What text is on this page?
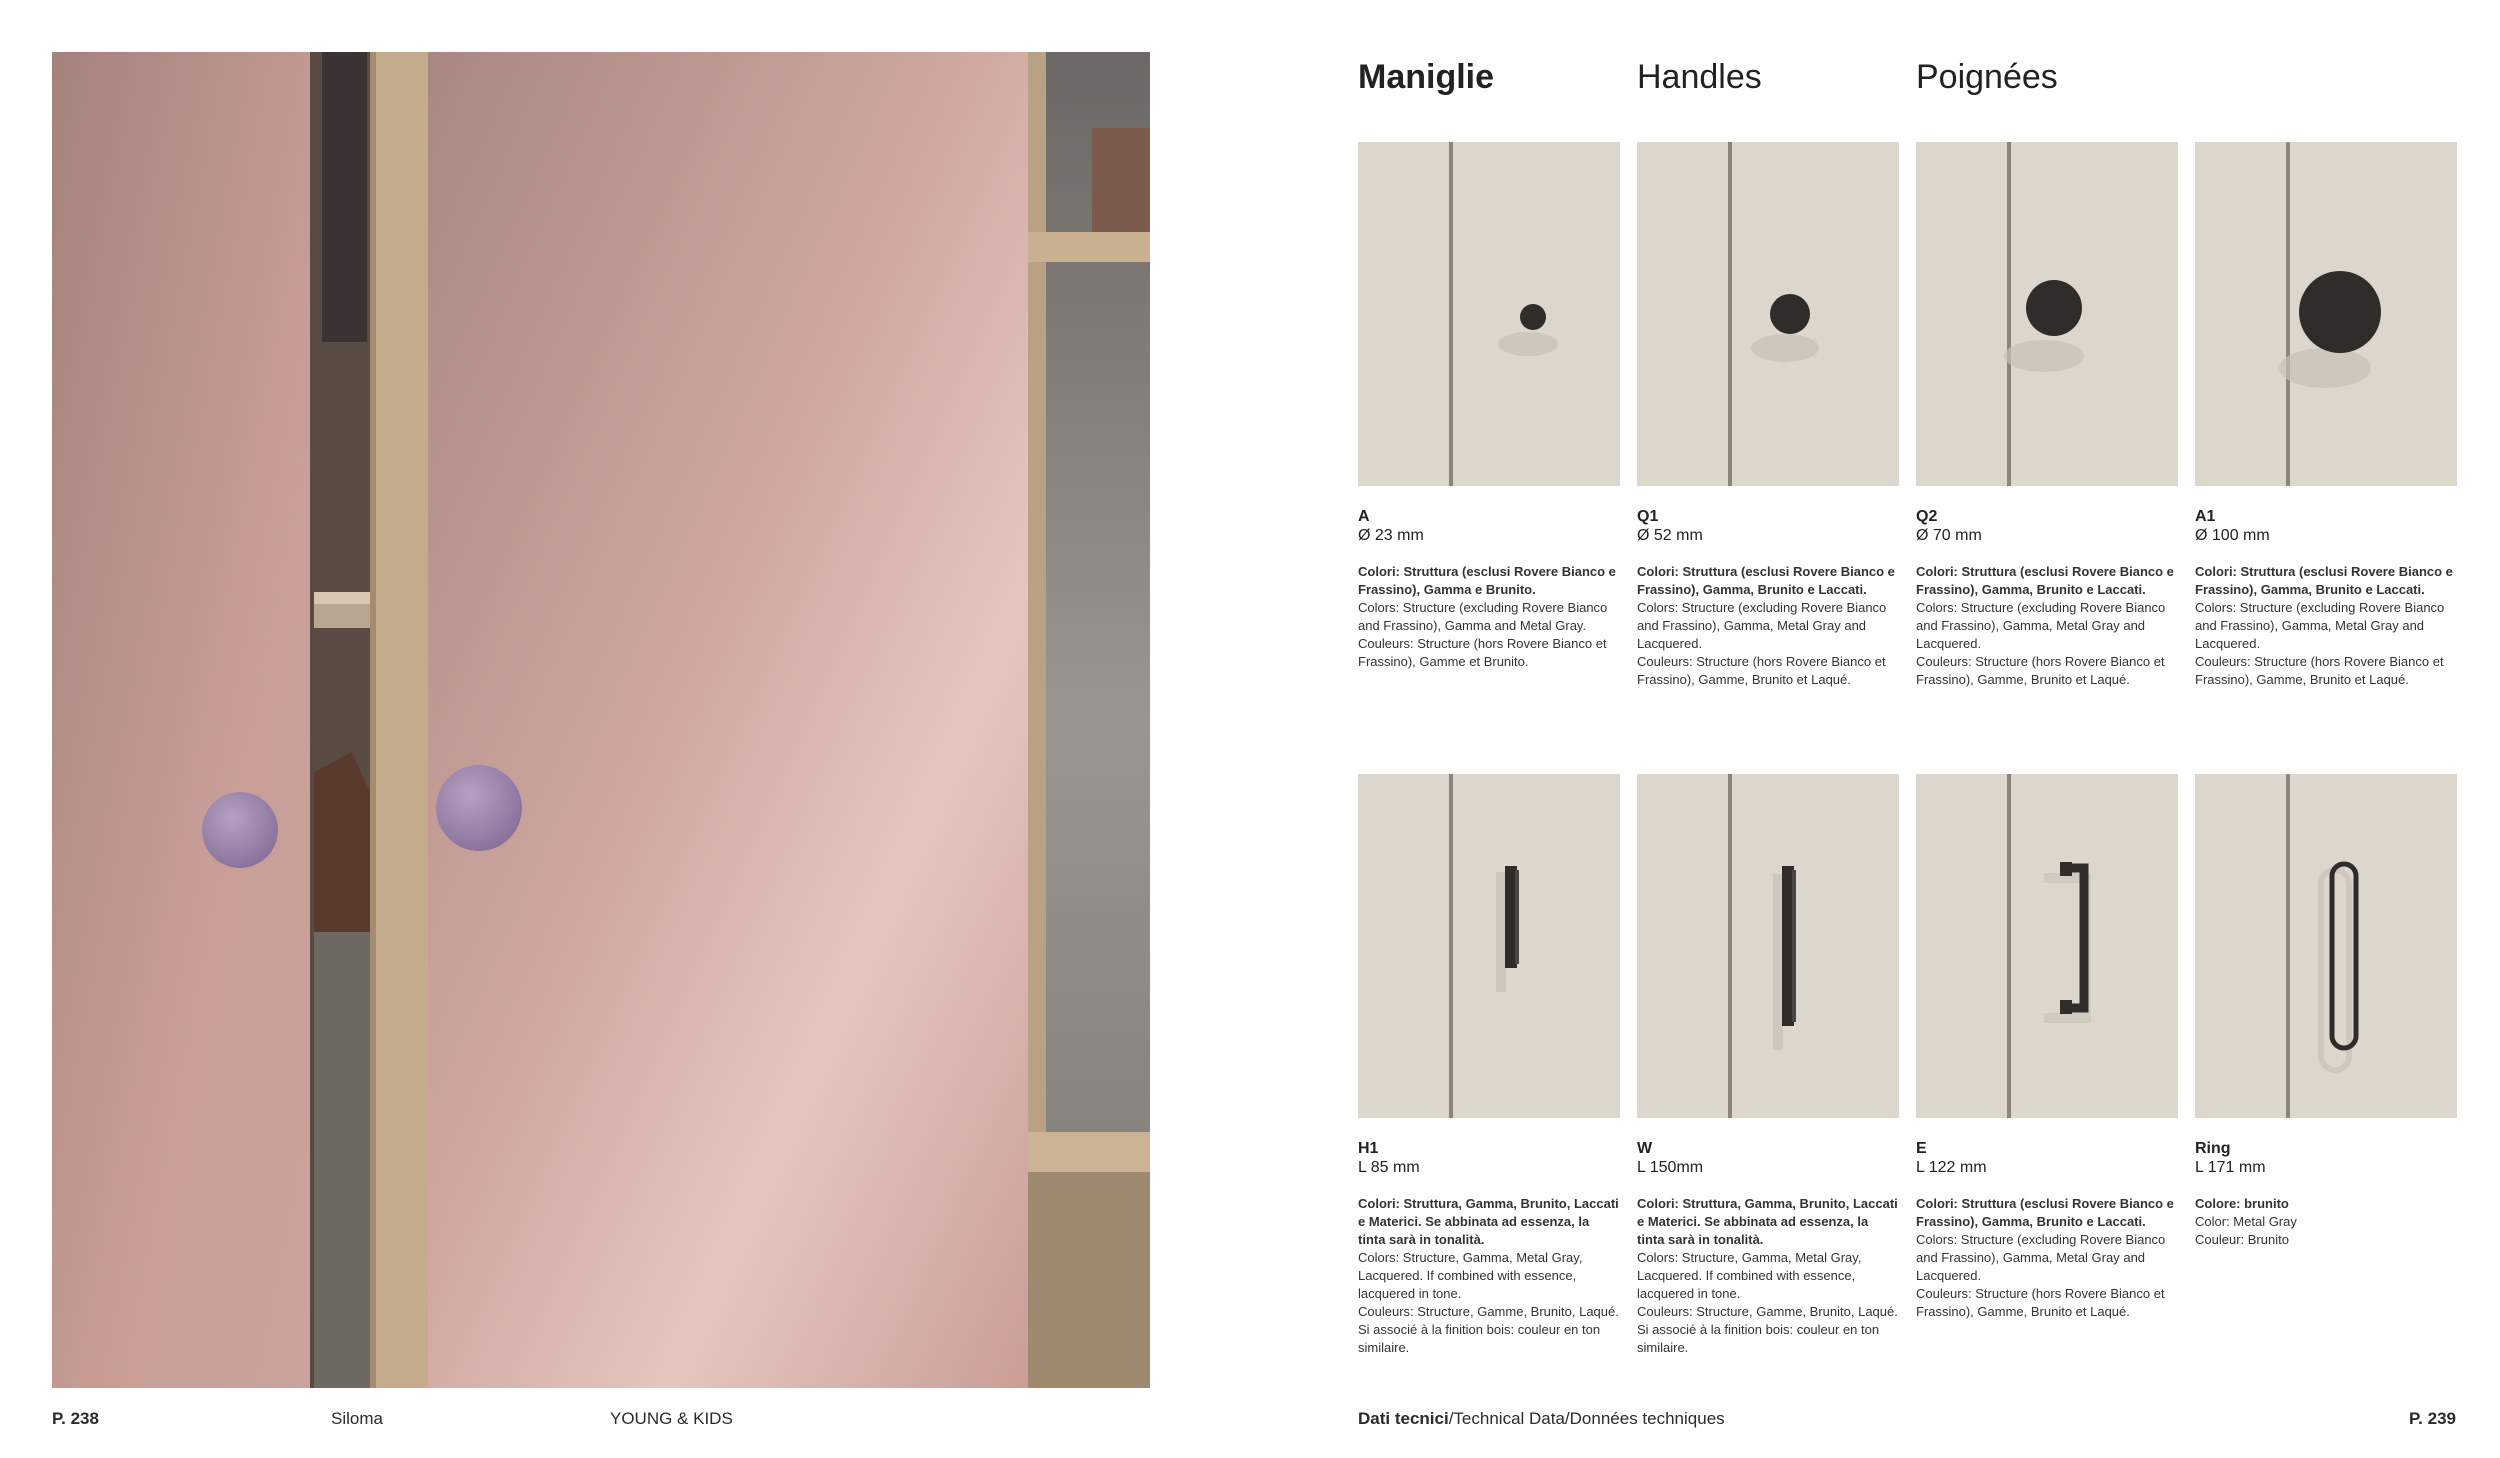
P. 238	Siloma	YOUNG & KIDS
Maniglie	Handles	Poignées
A
Ø 23 mm
Colori: Struttura (esclusi Rovere Bianco e Frassino), Gamma e Brunito.
Colors: Structure (excluding Rovere Bianco and Frassino), Gamma and Metal Gray.
Couleurs: Structure (hors Rovere Bianco et Frassino), Gamme et Brunito.
Q1
Ø 52 mm
Colori: Struttura (esclusi Rovere Bianco e Frassino), Gamma, Brunito e Laccati.
Colors: Structure (excluding Rovere Bianco and Frassino), Gamma, Metal Gray and Lacquered.
Couleurs: Structure (hors Rovere Bianco et Frassino), Gamme, Brunito et Laqué.
Q2
Ø 70 mm
Colori: Struttura (esclusi Rovere Bianco e Frassino), Gamma, Brunito e Laccati.
Colors: Structure (excluding Rovere Bianco and Frassino), Gamma, Metal Gray and Lacquered.
Couleurs: Structure (hors Rovere Bianco et Frassino), Gamme, Brunito et Laqué.
A1
Ø 100 mm
Colori: Struttura (esclusi Rovere Bianco e Frassino), Gamma, Brunito e Laccati.
Colors: Structure (excluding Rovere Bianco and Frassino), Gamma, Metal Gray and Lacquered.
Couleurs: Structure (hors Rovere Bianco et Frassino), Gamme, Brunito et Laqué.
H1
L 85 mm
Colori: Struttura, Gamma, Brunito, Laccati e Materici. Se abbinata ad essenza, la tinta sarà in tonalità.
Colors: Structure, Gamma, Metal Gray, Lacquered. If combined with essence, lacquered in tone.
Couleurs: Structure, Gamme, Brunito, Laqué. Si associé à la finition bois: couleur en ton similaire.
W
L 150mm
Colori: Struttura, Gamma, Brunito, Laccati e Materici. Se abbinata ad essenza, la tinta sarà in tonalità.
Colors: Structure, Gamma, Metal Gray, Lacquered. If combined with essence, lacquered in tone.
Couleurs: Structure, Gamme, Brunito, Laqué. Si associé à la finition bois: couleur en ton similaire.
E
L 122 mm
Colori: Struttura (esclusi Rovere Bianco e Frassino), Gamma, Brunito e Laccati.
Colors: Structure (excluding Rovere Bianco and Frassino), Gamma, Metal Gray and Lacquered.
Couleurs: Structure (hors Rovere Bianco et Frassino), Gamme, Brunito et Laqué.
Ring
L 171 mm
Colore: brunito
Color: Metal Gray
Couleur: Brunito
Dati tecnici/Technical Data/Données techniques	P. 239
